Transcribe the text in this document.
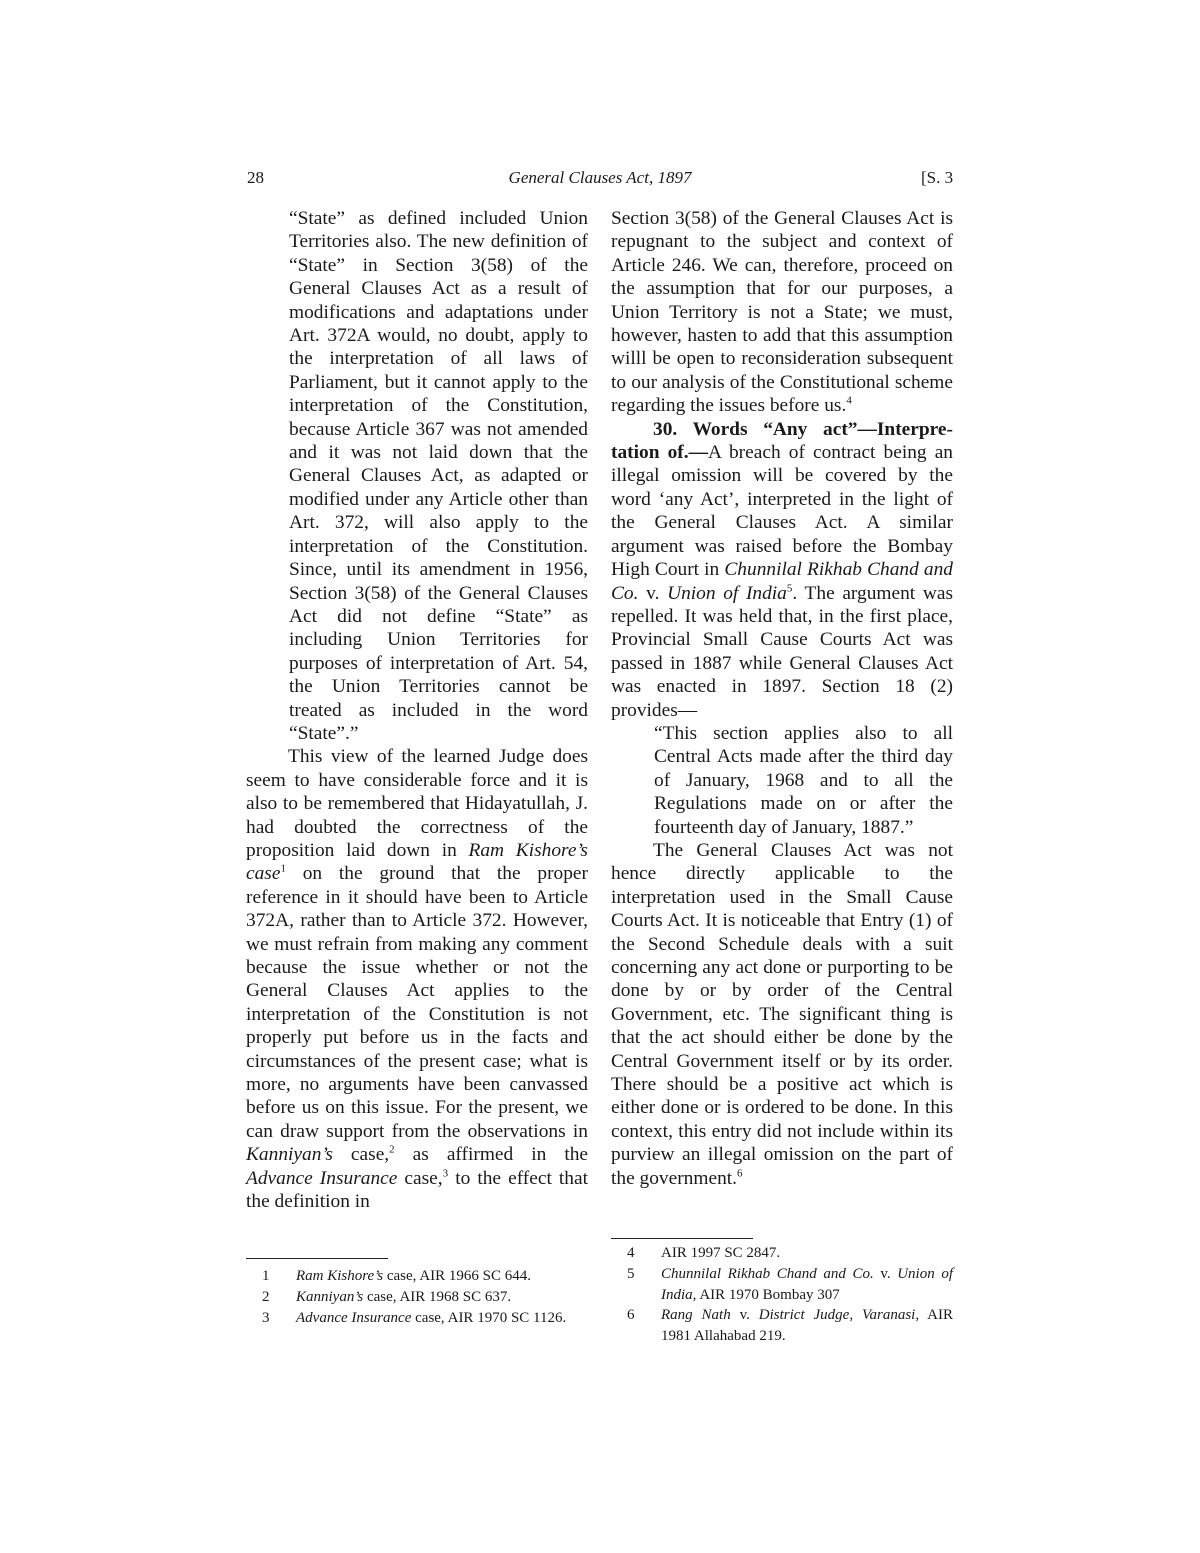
28	General Clauses Act, 1897	[S. 3

“State” as defined included Union Territories also. The new definition of “State” in Section 3(58) of the General Clauses Act as a result of modifications and adaptations under Art. 372A would, no doubt, apply to the interpretation of all laws of Parliament, but it cannot apply to the interpretation of the Constitution, because Article 367 was not amended and it was not laid down that the General Clauses Act, as adapted or modified under any Article other than Art. 372, will also apply to the interpretation of the Constitution. Since, until its amendment in 1956, Section 3(58) of the General Clauses Act did not define “State” as including Union Territories for purposes of interpretation of Art. 54, the Union Territories cannot be treated as included in the word “State”.”

This view of the learned Judge does seem to have considerable force and it is also to be remembered that Hidayatullah, J. had doubted the correctness of the proposition laid down in Ram Kishore’s case$^1$ on the ground that the proper reference in it should have been to Article 372A, rather than to Article 372. However, we must refrain from making any comment because the issue whether or not the General Clauses Act applies to the interpretation of the Constitution is not properly put before us in the facts and circumstances of the present case; what is more, no arguments have been canvassed before us on this issue. For the present, we can draw support from the observations in Kanniyan’s case,$^2$ as affirmed in the Advance Insurance case,$^3$ to the effect that the definition in

Section 3(58) of the General Clauses Act is repugnant to the subject and context of Article 246. We can, therefore, proceed on the assumption that for our purposes, a Union Territory is not a State; we must, however, hasten to add that this assumption willl be open to reconsideration subsequent to our analysis of the Constitutional scheme regarding the issues before us.$^4$

30. Words “Any act”—Interpre-tation of.—A breach of contract being an illegal omission will be covered by the word ‘any Act’, interpreted in the light of the General Clauses Act. A similar argument was raised before the Bombay High Court in Chunnilal Rikhab Chand and Co. v. Union of India$^5$. The argument was repelled. It was held that, in the first place, Provincial Small Cause Courts Act was passed in 1887 while General Clauses Act was enacted in 1897. Section 18 (2) provides—

“This section applies also to all Central Acts made after the third day of January, 1968 and to all the Regulations made on or after the fourteenth day of January, 1887.”

The General Clauses Act was not hence directly applicable to the interpretation used in the Small Cause Courts Act. It is noticeable that Entry (1) of the Second Schedule deals with a suit concerning any act done or purporting to be done by or by order of the Central Government, etc. The significant thing is that the act should either be done by the Central Government itself or by its order. There should be a positive act which is either done or is ordered to be done. In this context, this entry did not include within its purview an illegal omission on the part of the government.$^6$

1	Ram Kishore’s case, AIR 1966 SC 644.
2	Kanniyan’s case, AIR 1968 SC 637.
3	Advance Insurance case, AIR 1970 SC 1126.
4	AIR 1997 SC 2847.
5	Chunnilal Rikhab Chand and Co. v. Union of India, AIR 1970 Bombay 307
6	Rang Nath v. District Judge, Varanasi, AIR 1981 Allahabad 219.
